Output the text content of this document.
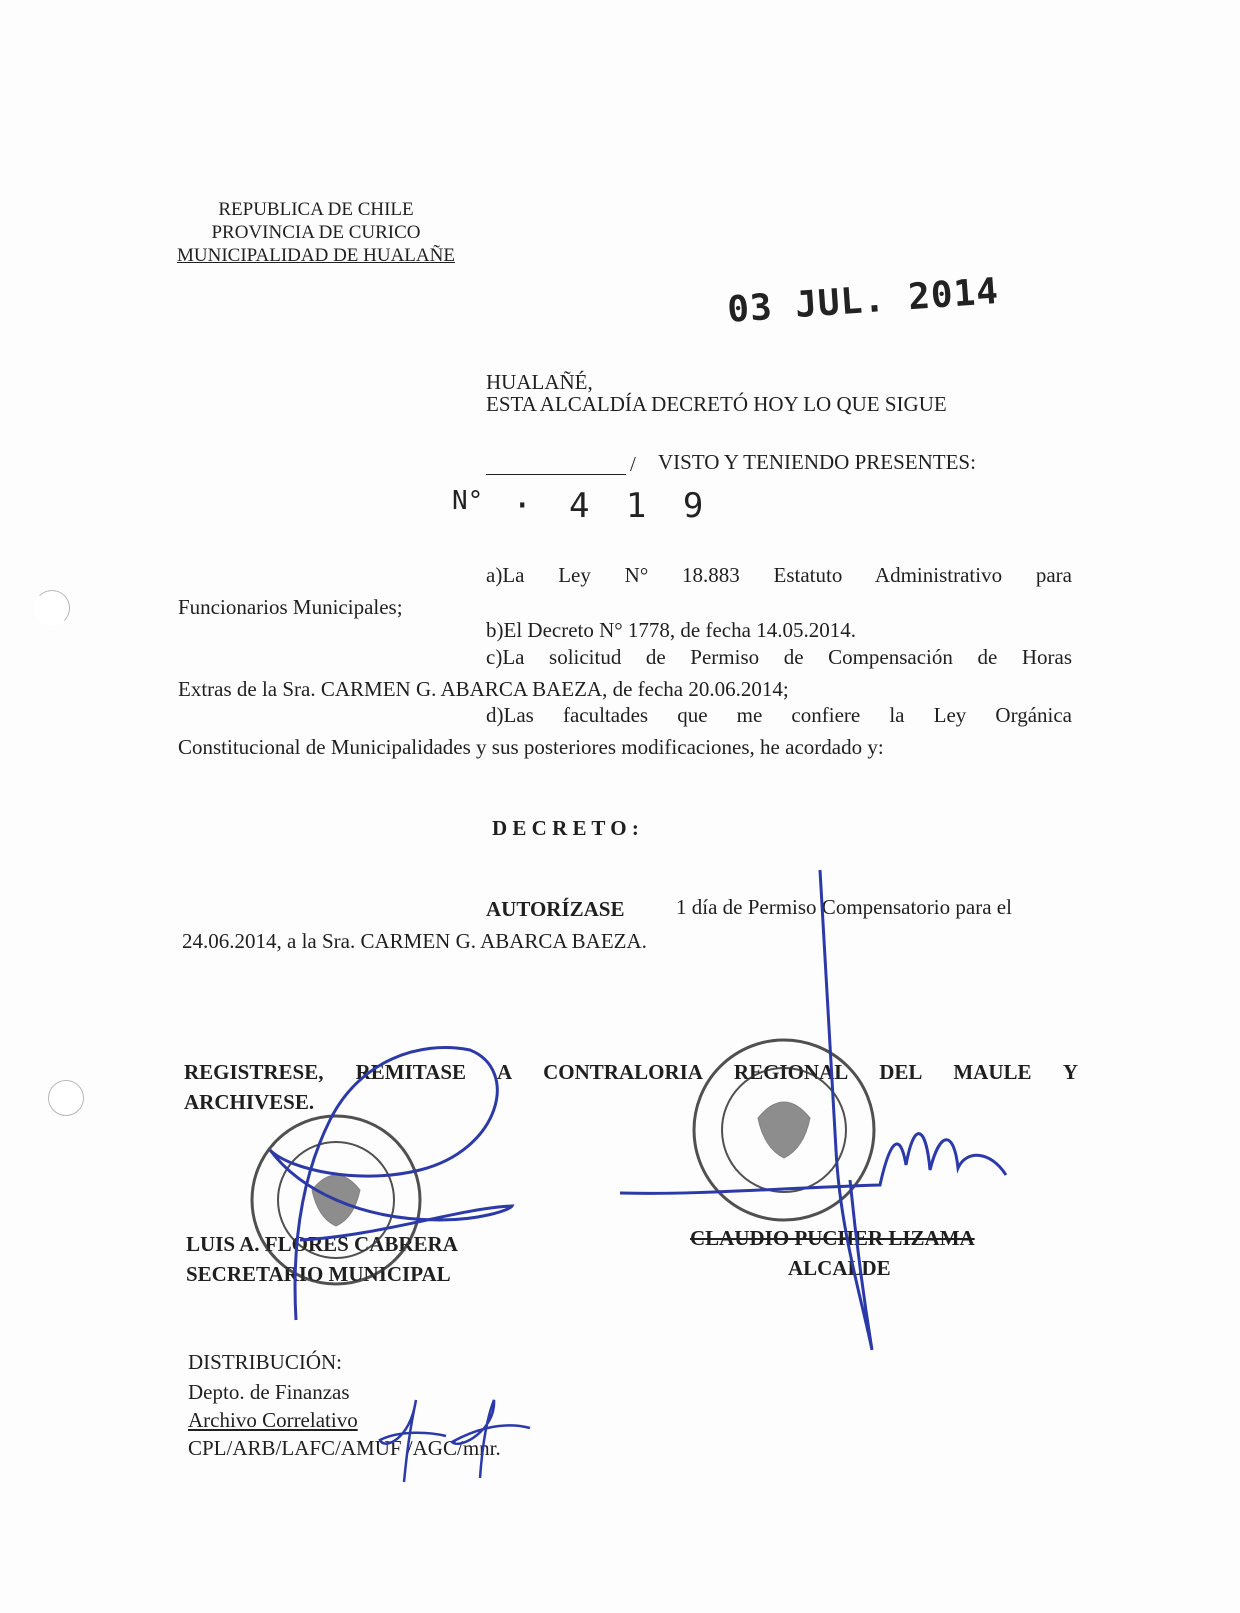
REPUBLICA DE CHILE
PROVINCIA DE CURICO
MUNICIPALIDAD DE HUALAÑE
03 JUL. 2014
HUALAÑÉ,
ESTA ALCALDÍA DECRETÓ HOY LO QUE SIGUE
/ VISTO Y TENIENDO PRESENTES:
N° · 4 1 9
a)La Ley N° 18.883 Estatuto Administrativo para
Funcionarios Municipales;
b)El Decreto N° 1778, de fecha 14.05.2014.
c)La solicitud de Permiso de Compensación de Horas
Extras de la Sra. CARMEN G. ABARCA BAEZA, de fecha 20.06.2014;
d)Las facultades que me confiere la Ley Orgánica
Constitucional de Municipalidades y sus posteriores modificaciones, he acordado y:
D E C R E T O :
AUTORÍZASE 1 día de Permiso Compensatorio para el
24.06.2014, a la Sra. CARMEN G. ABARCA BAEZA.
REGISTRESE, REMITASE A CONTRALORIA REGIONAL DEL MAULE Y
ARCHIVESE.
LUIS A. FLORES CABRERA
SECRETARIO MUNICIPAL
CLAUDIO PUCHER LIZAMA
ALCALDE
DISTRIBUCIÓN:
Depto. de Finanzas
Archivo Correlativo
CPL/ARB/LAFC/AMUF /AGC/mnr.
